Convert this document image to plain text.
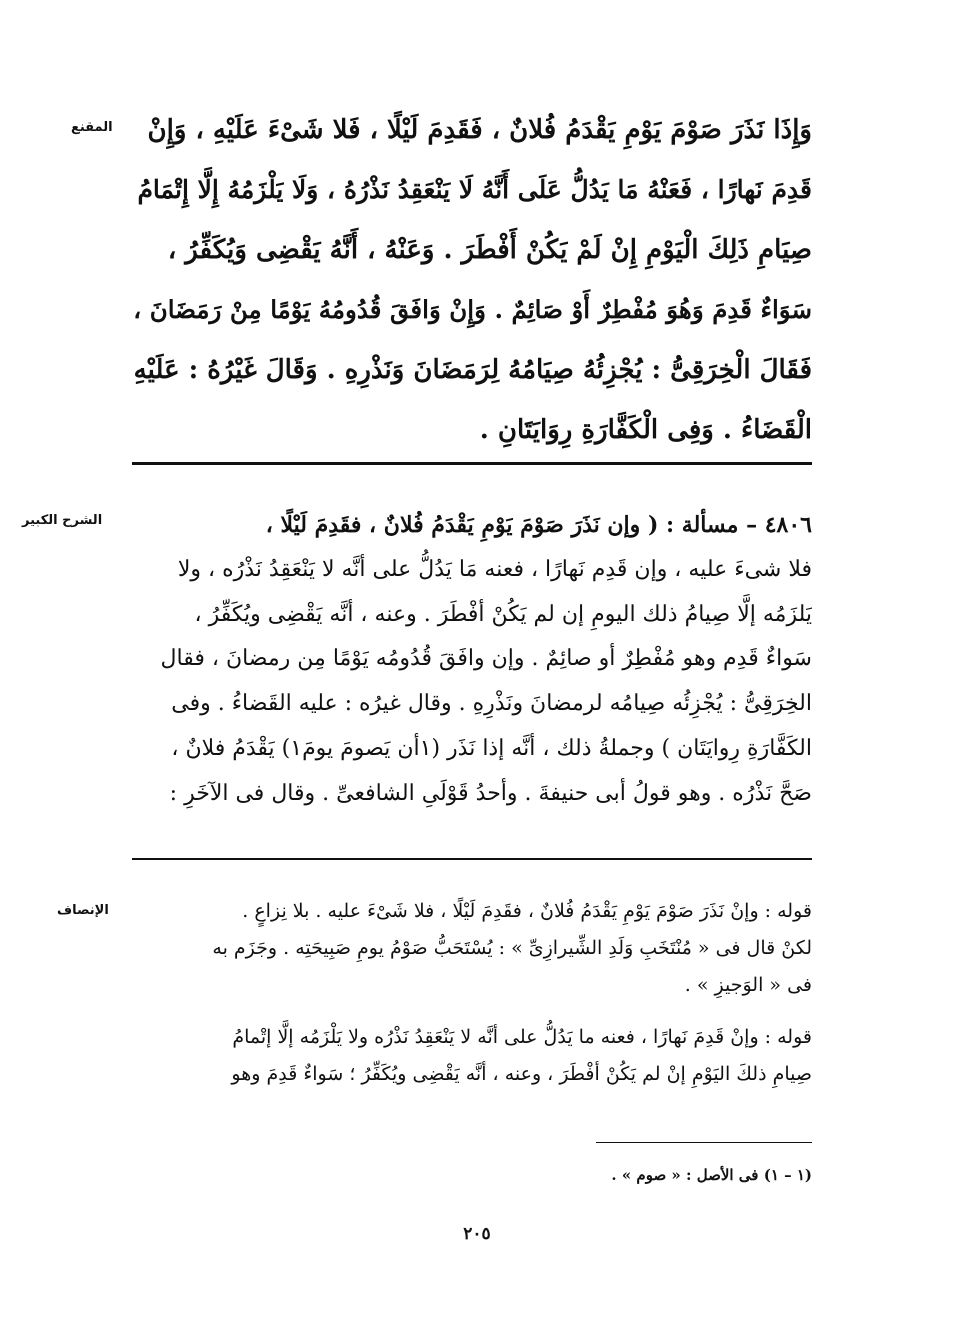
المقنع
الشرح الكبير
الإنصاف
وَإِذَا نَذَرَ صَوْمَ يَوْمِ يَقْدَمُ فُلانٌ ، فَقَدِمَ لَيْلًا ، فَلا شَىْءَ عَلَيْهِ ، وَإِنْ
قَدِمَ نَهارًا ، فَعَنْهُ مَا يَدُلُّ عَلَى أَنَّهُ لَا يَنْعَقِدُ نَذْرُهُ ، وَلَا يَلْزَمُهُ إِلَّا إِتْمَامُ
صِيَامِ ذَلِكَ الْيَوْمِ إِنْ لَمْ يَكُنْ أَفْطَرَ . وَعَنْهُ ، أَنَّهُ يَقْضِى وَيُكَفِّرُ ،
سَوَاءٌ قَدِمَ وَهُوَ مُفْطِرٌ أَوْ صَائِمٌ . وَإِنْ وَافَقَ قُدُومُهُ يَوْمًا مِنْ رَمَضَانَ ،
فَقَالَ الْخِرَقِىُّ : يُجْزِئُهُ صِيَامُهُ لِرَمَضَانَ وَنَذْرِهِ . وَقَالَ غَيْرُهُ : عَلَيْهِ
الْقَضَاءُ . وَفِى الْكَفَّارَةِ رِوَايَتَانِ .
٤٨٠٦ – مسألة : ( وإن نَذَرَ صَوْمَ يَوْمِ يَقْدَمُ فُلانٌ ، فقَدِمَ لَيْلًا ،
فلا شىءَ عليه ، وإن قَدِم نَهارًا ، فعنه مَا يَدُلُّ على أنَّه لا يَنْعَقِدُ نَذْرُه ، ولا
يَلزَمُه إلَّا صِيامُ ذلك اليومِ إن لم يَكُنْ أفْطَرَ . وعنه ، أنَّه يَقْضِى ويُكَفِّرُ ،
سَواءٌ قَدِم وهو مُفْطِرٌ أو صائِمٌ . وإن وافَقَ قُدُومُه يَوْمًا مِن رمضانَ ، فقال
الخِرَقِىُّ : يُجْزِئُه صِيامُه لرمضانَ ونَذْرِهِ . وقال غيرُه : عليه القَضاءُ . وفى
الكَفَّارَةِ رِوايَتَان ) وجملةُ ذلك ، أنَّه إذا نَذَر (١أن يَصومَ يومَ١) يَقْدَمُ فلانٌ ،
صَحَّ نَذْرُه . وهو قولُ أبى حنيفةَ . وأحدُ قَوْلَىِ الشافعىِّ . وقال فى الآخَرِ :
قوله : وإنْ نَذَرَ صَوْمَ يَوْمِ يَقْدَمُ فُلانٌ ، فقَدِمَ لَيْلًا ، فلا شَىْءَ عليه . بلا نِزاعٍ .
لكنْ قال فى « مُنْتَخَبِ وَلَدِ الشِّيرازِىِّ » : يُسْتَحَبُّ صَوْمُ يومِ صَبِيحَتِه . وجَزَم به
فى « الوَجيزِ » .
قوله : وإنْ قَدِمَ نَهارًا ، فعنه ما يَدُلُّ على أنَّه لا يَنْعَقِدُ نَذْرُه ولا يَلْزَمُه إلَّا إتْمامُ
صِيامِ ذلكَ اليَوْمِ إنْ لم يَكُنْ أفْطَرَ ، وعنه ، أنَّه يَقْضِى ويُكَفِّرُ ؛ سَواءٌ قَدِمَ وهو
(١ – ١) فى الأصل : « صوم » .
٢٠٥
